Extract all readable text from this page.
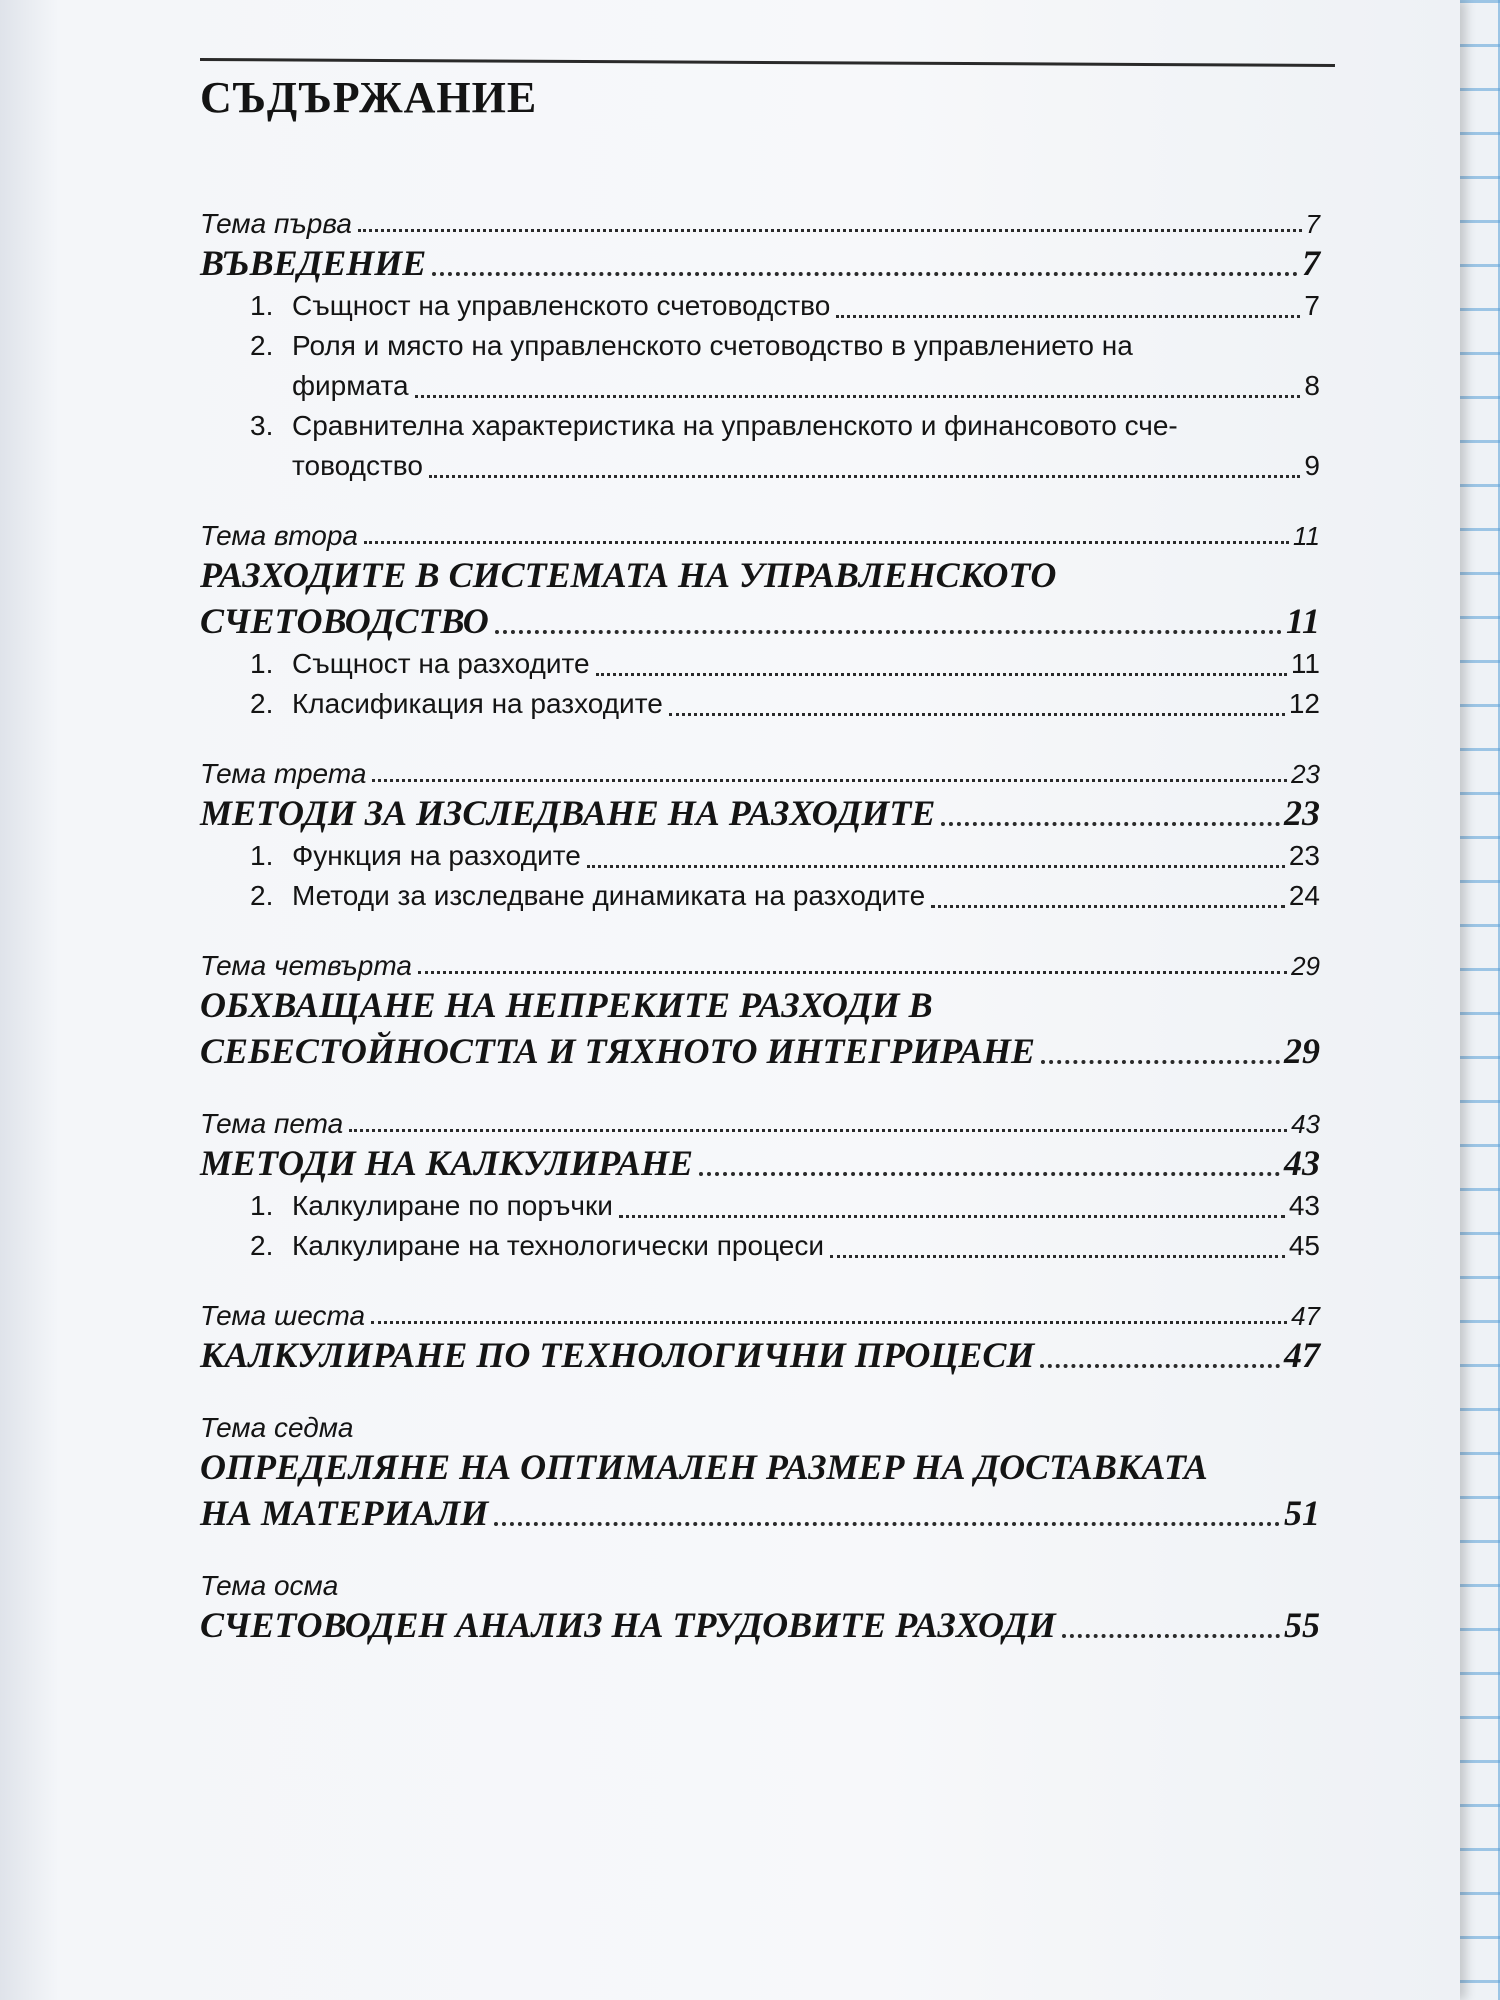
СЪДЪРЖАНИЕ
Тема първа	7
ВЪВЕДЕНИЕ	7
1. Същност на управленското счетоводство	7
2. Роля и място на управленското счетоводство в управлението на
фирмата	8
3. Сравнителна характеристика на управленското и финансовото сче-
товодство	9
Тема втора	11
РАЗХОДИТЕ В СИСТЕМАТА НА УПРАВЛЕНСКОТО
СЧЕТОВОДСТВО	11
1. Същност на разходите	11
2. Класификация на разходите	12
Тема трета	23
МЕТОДИ ЗА ИЗСЛЕДВАНЕ НА РАЗХОДИТЕ	23
1. Функция на разходите	23
2. Методи за изследване динамиката на разходите	24
Тема четвърта	29
ОБХВАЩАНЕ НА НЕПРЕКИТЕ РАЗХОДИ В
СЕБЕСТОЙНОСТТА И ТЯХНОТО ИНТЕГРИРАНЕ	29
Тема пета	43
МЕТОДИ НА КАЛКУЛИРАНЕ	43
1. Калкулиране по поръчки	43
2. Калкулиране на технологически процеси	45
Тема шеста	47
КАЛКУЛИРАНЕ ПО ТЕХНОЛОГИЧНИ ПРОЦЕСИ	47
Тема седма
ОПРЕДЕЛЯНЕ НА ОПТИМАЛЕН РАЗМЕР НА ДОСТАВКАТА
НА МАТЕРИАЛИ	51
Тема осма
СЧЕТОВОДЕН АНАЛИЗ НА ТРУДОВИТЕ РАЗХОДИ	55
